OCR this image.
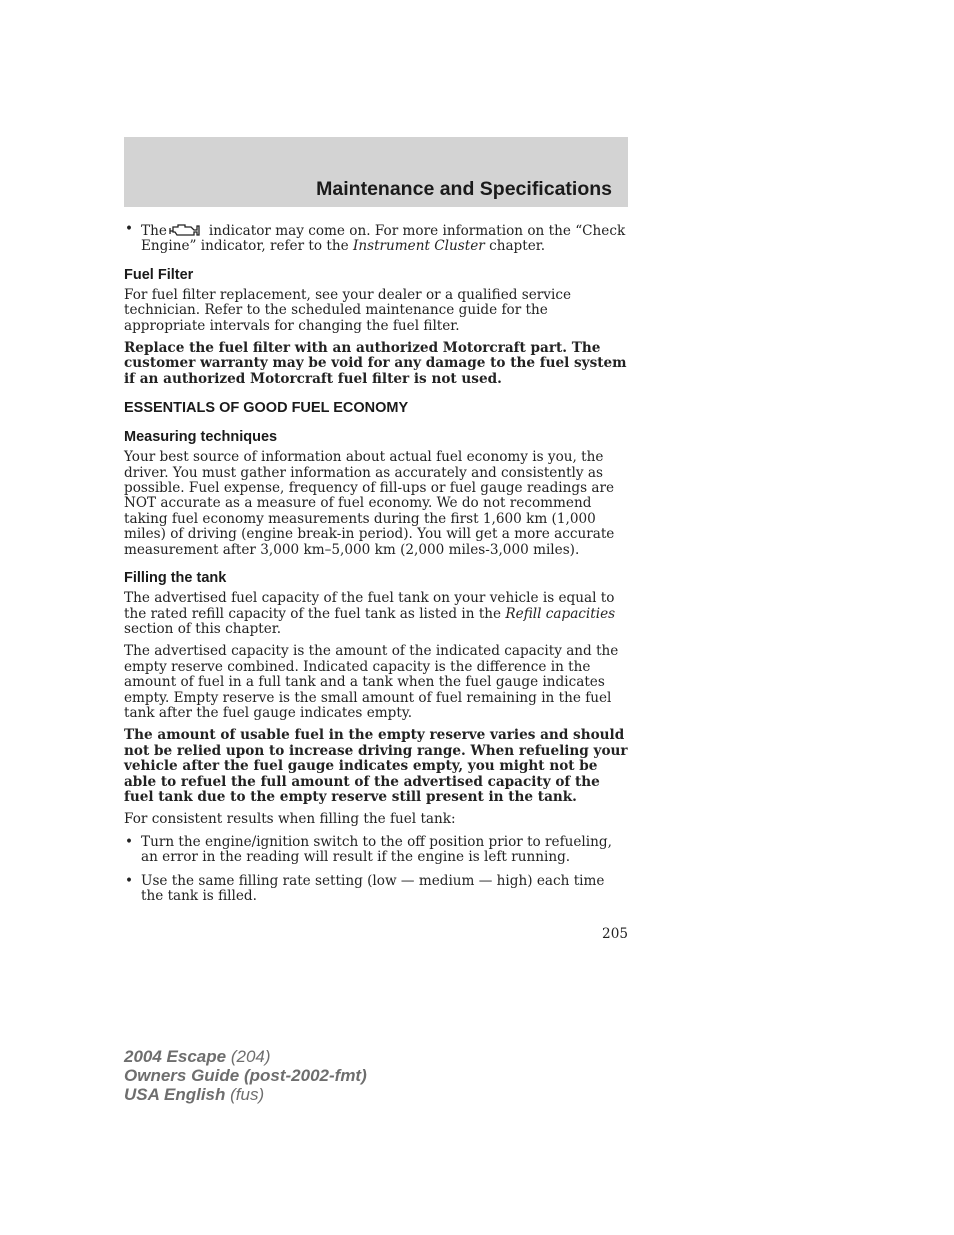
Maintenance and Specifications
• The	indicator may come on. For more information on the “Check Engine” indicator, refer to the Instrument Cluster chapter.
Fuel Filter

For fuel filter replacement, see your dealer or a qualified service technician. Refer to the scheduled maintenance guide for the appropriate intervals for changing the fuel filter.

Replace the fuel filter with an authorized Motorcraft part. The customer warranty may be void for any damage to the fuel system if an authorized Motorcraft fuel filter is not used.

ESSENTIALS OF GOOD FUEL ECONOMY
Measuring techniques

Your best source of information about actual fuel economy is you, the driver. You must gather information as accurately and consistently as possible. Fuel expense, frequency of fill-ups or fuel gauge readings are NOT accurate as a measure of fuel economy. We do not recommend taking fuel economy measurements during the first 1,600 km (1,000 miles) of driving (engine break-in period). You will get a more accurate measurement after 3,000 km–5,000 km (2,000 miles-3,000 miles).

Filling the tank

The advertised fuel capacity of the fuel tank on your vehicle is equal to the rated refill capacity of the fuel tank as listed in the Refill capacities section of this chapter.

The advertised capacity is the amount of the indicated capacity and the empty reserve combined. Indicated capacity is the difference in the amount of fuel in a full tank and a tank when the fuel gauge indicates empty. Empty reserve is the small amount of fuel remaining in the fuel tank after the fuel gauge indicates empty.

The amount of usable fuel in the empty reserve varies and should not be relied upon to increase driving range. When refueling your vehicle after the fuel gauge indicates empty, you might not be able to refuel the full amount of the advertised capacity of the fuel tank due to the empty reserve still present in the tank.

For consistent results when filling the fuel tank:

• Turn the engine/ignition switch to the off position prior to refueling, an error in the reading will result if the engine is left running.
• Use the same filling rate setting (low — medium — high) each time the tank is filled.
205
2004 Escape (204)
Owners Guide (post-2002-fmt)
USA English (fus)
